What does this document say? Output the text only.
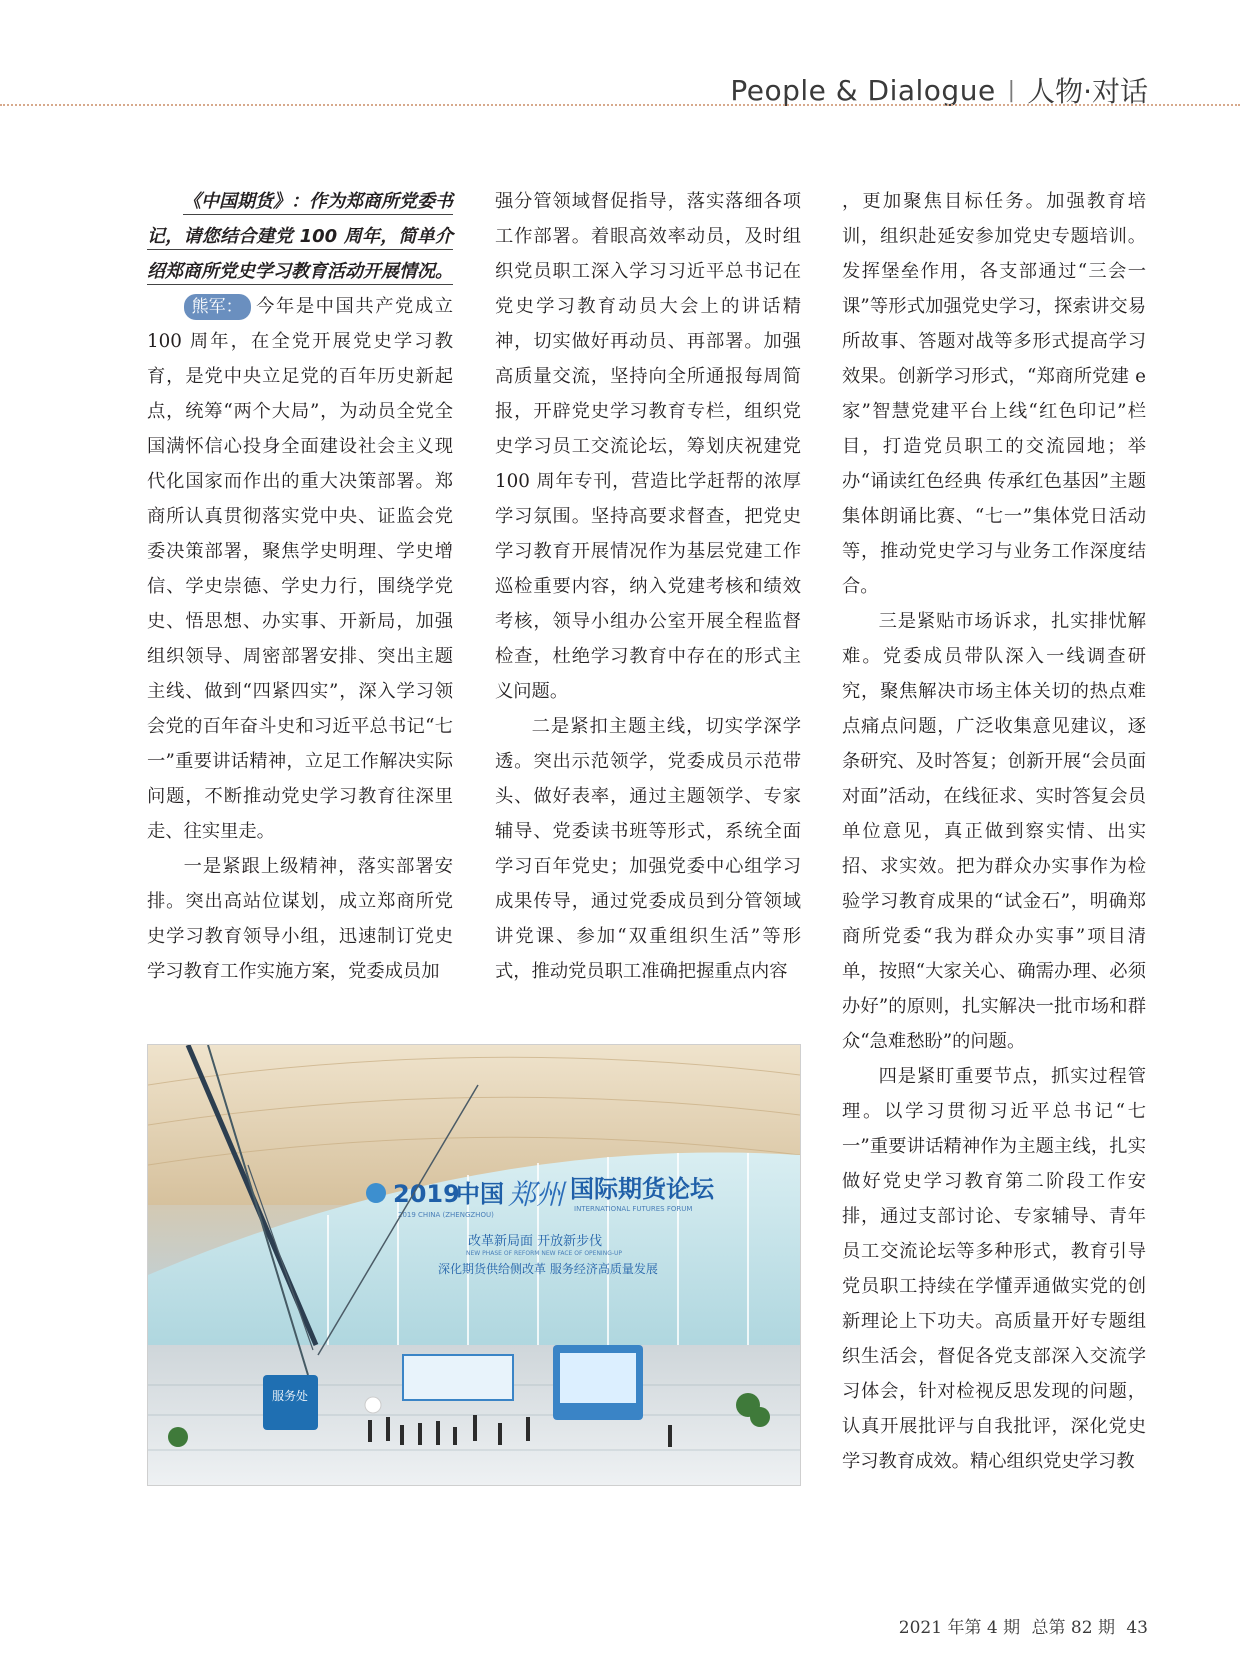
People & Dialogue | 人物·对话

《中国期货》：作为郑商所党委书记，请您结合建党 100 周年，简单介绍郑商所党史学习教育活动开展情况。

熊军： 今年是中国共产党成立 100 周年，在全党开展党史学习教育，是党中央立足党的百年历史新起点，统筹“两个大局”，为动员全党全国满怀信心投身全面建设社会主义现代化国家而作出的重大决策部署。郑商所认真贯彻落实党中央、证监会党委决策部署，聚焦学史明理、学史增信、学史崇德、学史力行，围绕学党史、悟思想、办实事、开新局，加强组织领导、周密部署安排、突出主题主线、做到“四紧四实”，深入学习领会党的百年奋斗史和习近平总书记“七一”重要讲话精神，立足工作解决实际问题，不断推动党史学习教育往深里走、往实里走。

一是紧跟上级精神，落实部署安排。突出高站位谋划，成立郑商所党史学习教育领导小组，迅速制订党史学习教育工作实施方案，党委成员加

强分管领域督促指导，落实落细各项工作部署。着眼高效率动员，及时组织党员职工深入学习习近平总书记在党史学习教育动员大会上的讲话精神，切实做好再动员、再部署。加强高质量交流，坚持向全所通报每周简报，开辟党史学习教育专栏，组织党史学习员工交流论坛，筹划庆祝建党 100 周年专刊，营造比学赶帮的浓厚学习氛围。坚持高要求督查，把党史学习教育开展情况作为基层党建工作巡检重要内容，纳入党建考核和绩效考核，领导小组办公室开展全程监督检查，杜绝学习教育中存在的形式主义问题。

二是紧扣主题主线，切实学深学透。突出示范领学，党委成员示范带头、做好表率，通过主题领学、专家辅导、党委读书班等形式，系统全面学习百年党史；加强党委中心组学习成果传导，通过党委成员到分管领域讲党课、参加“双重组织生活”等形式，推动党员职工准确把握重点内容

，更加聚焦目标任务。加强教育培训，组织赴延安参加党史专题培训。发挥堡垒作用，各支部通过“三会一课”等形式加强党史学习，探索讲交易所故事、答题对战等多形式提高学习效果。创新学习形式，“郑商所党建 e 家”智慧党建平台上线“红色印记”栏目，打造党员职工的交流园地；举办“诵读红色经典 传承红色基因”主题集体朗诵比赛、“七一”集体党日活动等，推动党史学习与业务工作深度结合。

三是紧贴市场诉求，扎实排忧解难。党委成员带队深入一线调查研究，聚焦解决市场主体关切的热点难点痛点问题，广泛收集意见建议，逐条研究、及时答复；创新开展“会员面对面”活动，在线征求、实时答复会员单位意见，真正做到察实情、出实招、求实效。把为群众办实事作为检验学习教育成果的“试金石”，明确郑商所党委“我为群众办实事”项目清单，按照“大家关心、确需办理、必须办好”的原则，扎实解决一批市场和群众“急难愁盼”的问题。

四是紧盯重要节点，抓实过程管理。以学习贯彻习近平总书记“七一”重要讲话精神作为主题主线，扎实做好党史学习教育第二阶段工作安排，通过支部讨论、专家辅导、青年员工交流论坛等多种形式，教育引导党员职工持续在学懂弄通做实党的创新理论上下功夫。高质量开好专题组织生活会，督促各党支部深入交流学习体会，针对检视反思发现的问题，认真开展批评与自我批评，深化党史学习教育成效。精心组织党史学习教

2019
中国 郑州 国际期货论坛
2019 CHINA (ZHENGZHOU)
INTERNATIONAL FUTURES FORUM
改革新局面 开放新步伐
NEW PHASE OF REFORM NEW FACE OF OPENING-UP
深化期货供给侧改革 服务经济高质量发展
服务处
2021 年第 4 期 总第 82 期 43
